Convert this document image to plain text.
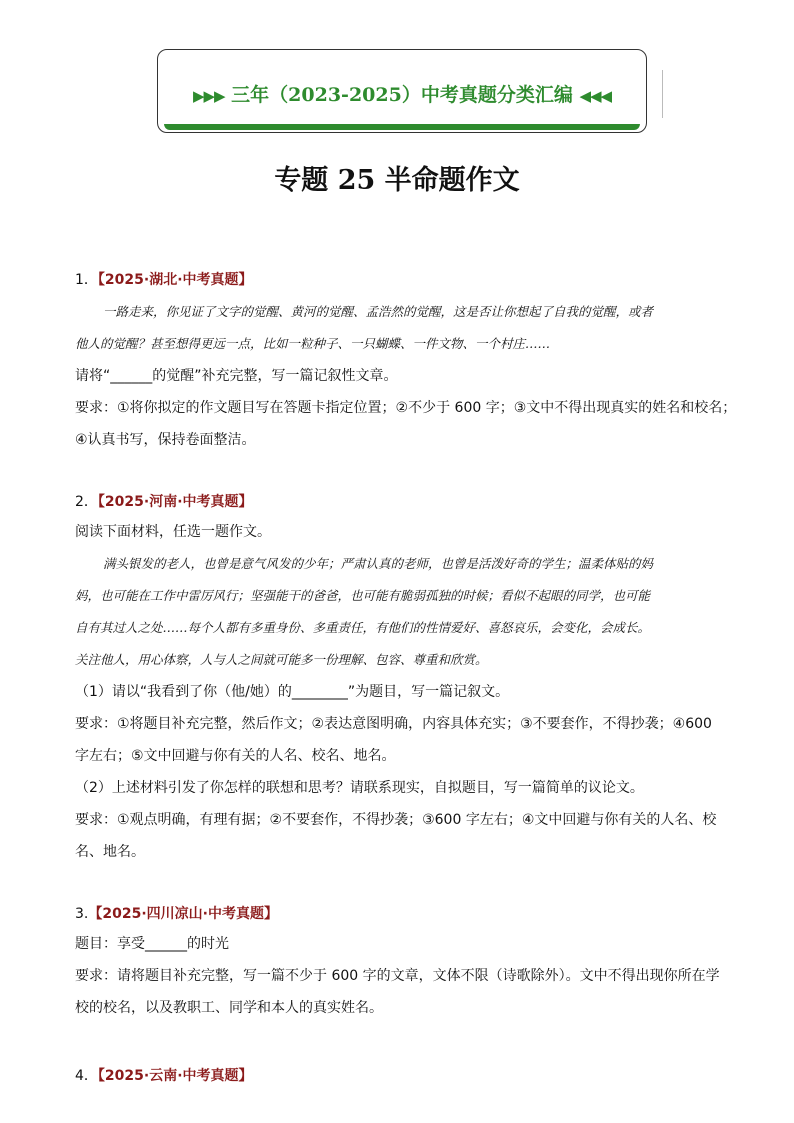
▶▶▶ 三年（2023-2025）中考真题分类汇编 ◀◀◀
专题 25 半命题作文
1．【2025·湖北·中考真题】
一路走来，你见证了文字的觉醒、黄河的觉醒、孟浩然的觉醒，这是否让你想起了自我的觉醒，或者
他人的觉醒？甚至想得更远一点，比如一粒种子、一只蝴蝶、一件文物、一个村庄……
请将“______的觉醒”补充完整，写一篇记叙性文章。
要求：①将你拟定的作文题目写在答题卡指定位置；②不少于 600 字；③文中不得出现真实的姓名和校名；
④认真书写，保持卷面整洁。
2．【2025·河南·中考真题】
阅读下面材料，任选一题作文。
满头银发的老人，也曾是意气风发的少年；严肃认真的老师，也曾是活泼好奇的学生；温柔体贴的妈
妈，也可能在工作中雷厉风行；坚强能干的爸爸，也可能有脆弱孤独的时候；看似不起眼的同学，也可能
自有其过人之处……每个人都有多重身份、多重责任，有他们的性情爱好、喜怒哀乐，会变化，会成长。
关注他人，用心体察，人与人之间就可能多一份理解、包容、尊重和欣赏。
（1）请以“我看到了你（他/她）的________”为题目，写一篇记叙文。
要求：①将题目补充完整，然后作文；②表达意图明确，内容具体充实；③不要套作，不得抄袭；④600
字左右；⑤文中回避与你有关的人名、校名、地名。
（2）上述材料引发了你怎样的联想和思考？请联系现实，自拟题目，写一篇简单的议论文。
要求：①观点明确，有理有据；②不要套作，不得抄袭；③600 字左右；④文中回避与你有关的人名、校
名、地名。
3.【2025·四川凉山·中考真题】
题目：享受______的时光
要求：请将题目补充完整，写一篇不少于 600 字的文章，文体不限（诗歌除外）。文中不得出现你所在学
校的校名，以及教职工、同学和本人的真实姓名。
4．【2025·云南·中考真题】
